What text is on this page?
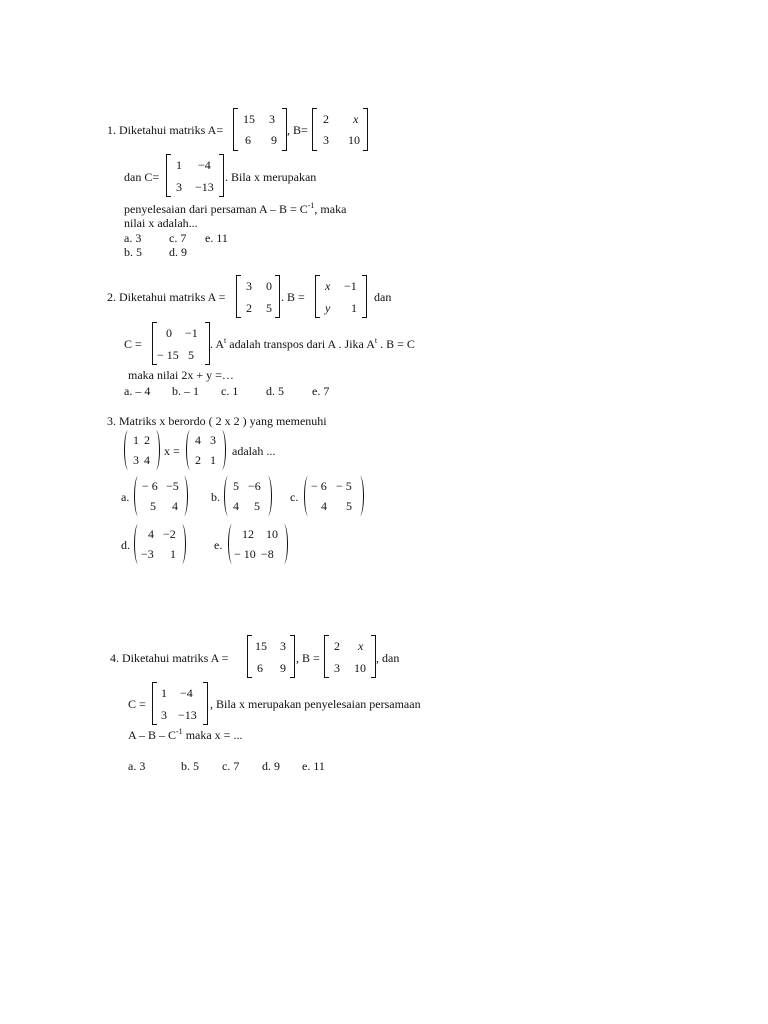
1. Diketahui matriks A=
15 3
6 9
, B=
2 x
3 10
dan C=
1 −4
3 −13
. Bila x merupakan
penyelesaian dari persaman $A - B = C^{-1}$, maka
nilai x adalah...
a. 3 c. 7 e. 11
b. 5 d. 9
2. Diketahui matriks A =
3 0
2 5
. B =
x −1
y 1
dan
C =
0 −1
− 15 5
. $A^t$ adalah transpos dari A . Jika $A^t$ . B = C
maka nilai 2x + y =…
a. – 4 b. – 1 c. 1 d. 5 e. 7
3. Matriks x berordo ( 2 x 2 ) yang memenuhi
1 2
3 4
x =
4 3
2 1
adalah ...
a.
− 6 −5
5 4
b.
5 −6
4 5
c.
− 6 − 5
4 5
d.
4 −2
−3 1
e.
12 10
− 10 −8
4. Diketahui matriks A =
15 3
6 9
, B =
2 x
3 10
, dan
C =
1 −4
3 −13
, Bila x merupakan penyelesaian persamaan
A – B – $C^{-1}$ maka x = ...
a. 3	b. 5 c. 7 d. 9 e. 11
